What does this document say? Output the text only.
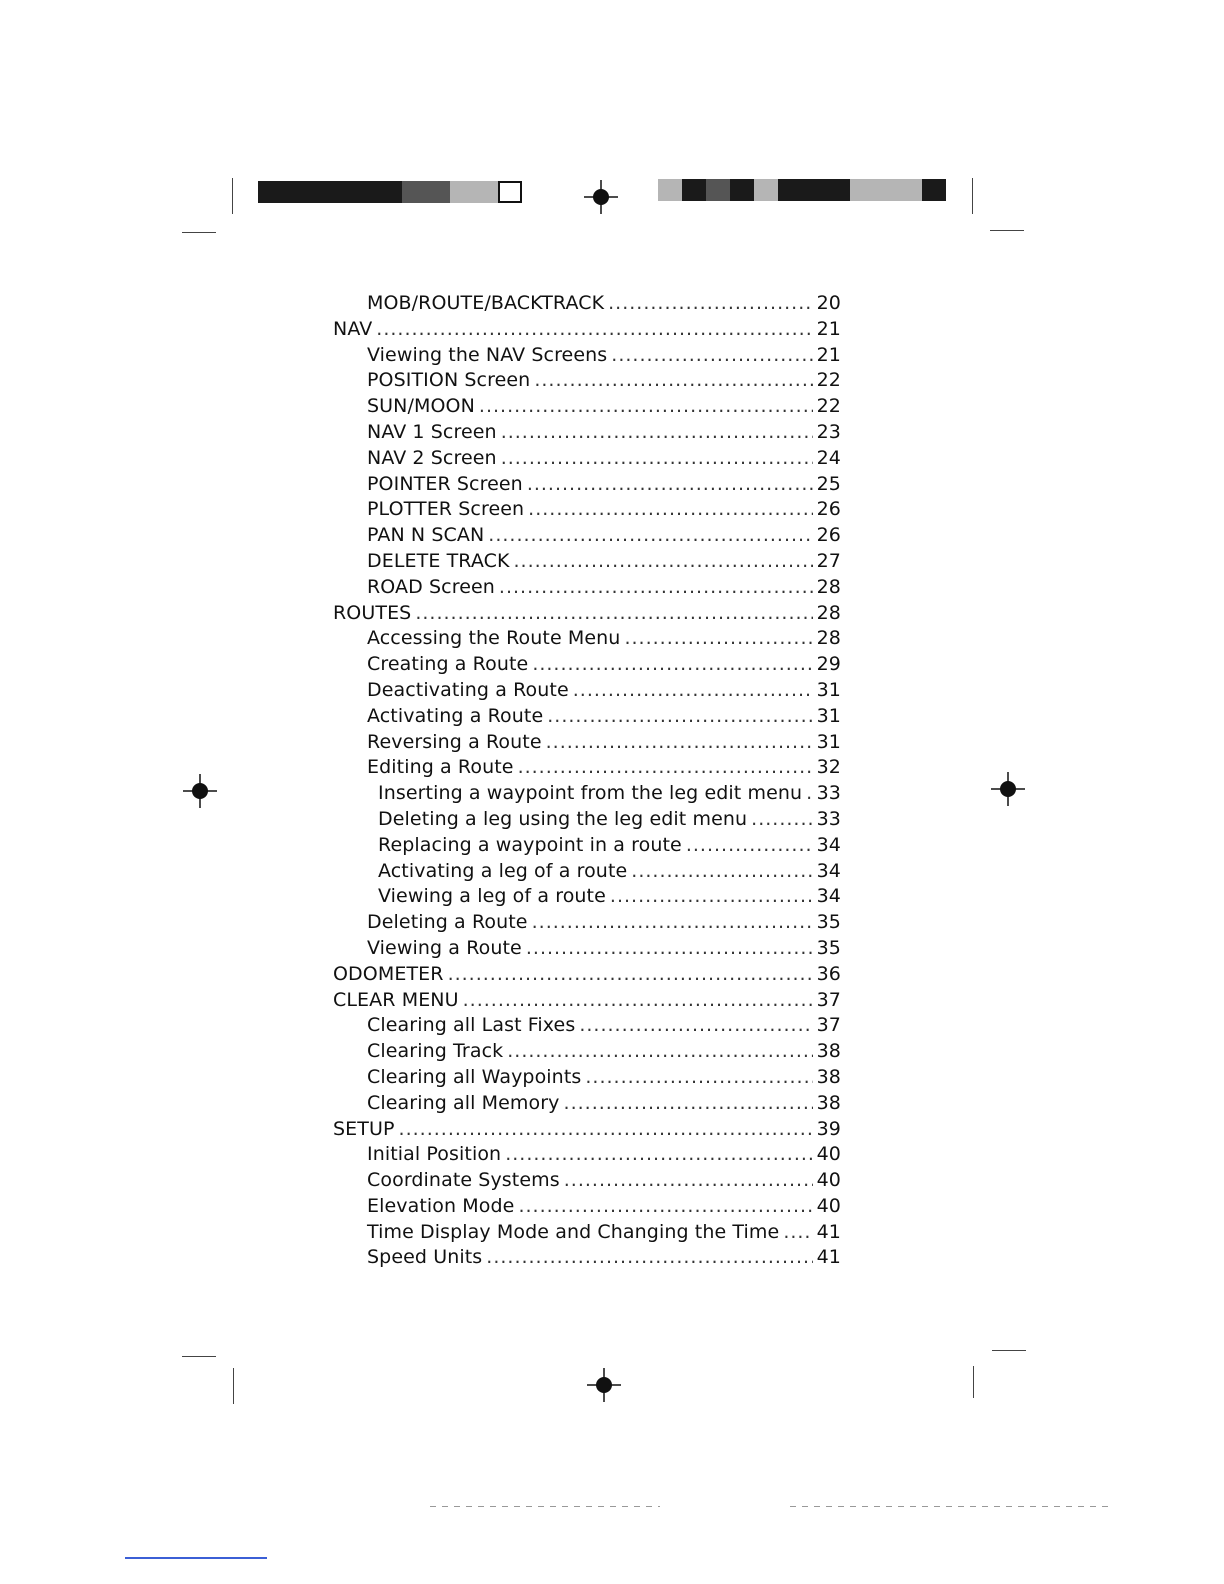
MOB/ROUTE/BACKTRACK .....	20
NAV .....	21
Viewing the NAV Screens .....	21
POSITION Screen .....	22
SUN/MOON .....	22
NAV 1 Screen .....	23
NAV 2 Screen .....	24
POINTER Screen .....	25
PLOTTER Screen .....	26
PAN N SCAN .....	26
DELETE TRACK .....	27
ROAD Screen .....	28
ROUTES .....	28
Accessing the Route Menu .....	28
Creating a Route .....	29
Deactivating a Route .....	31
Activating a Route .....	31
Reversing a Route .....	31
Editing a Route .....	32
Inserting a waypoint from the leg edit menu ..... 33
Deleting a leg using the leg edit menu .....	33
Replacing a waypoint in a route .....	34
Activating a leg of a route .....	34
Viewing a leg of a route .....	34
Deleting a Route .....	35
Viewing a Route .....	35
ODOMETER .....	36
CLEAR MENU .....	37
Clearing all Last Fixes .....	37
Clearing Track .....	38
Clearing all Waypoints .....	38
Clearing all Memory .....	38
SETUP .....	39
Initial Position .....	40
Coordinate Systems .....	40
Elevation Mode .....	40
Time Display Mode and Changing the Time ..... 41
Speed Units .....	41
